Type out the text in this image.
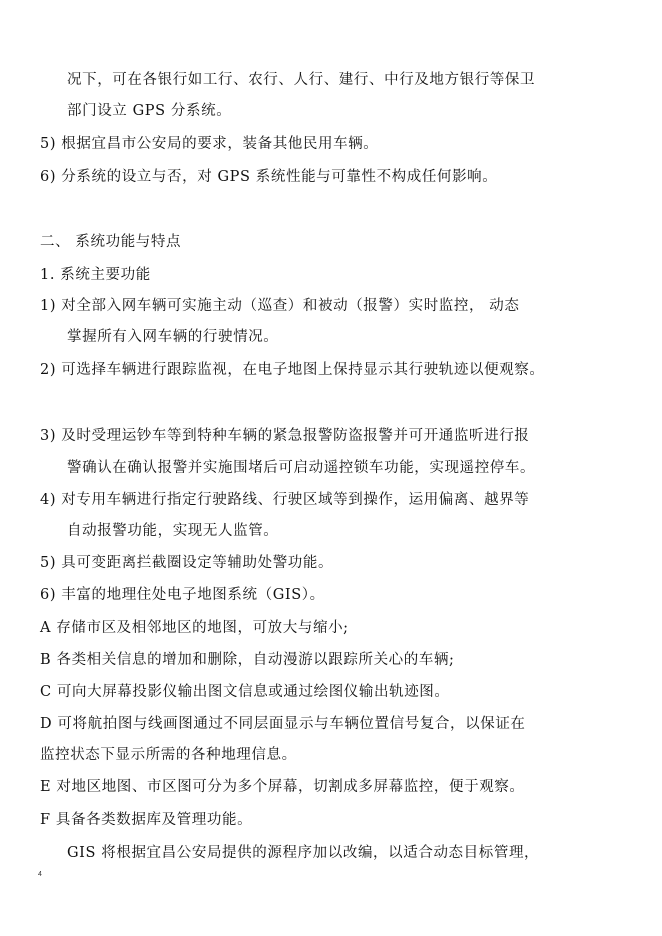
况下，可在各银行如工行、农行、人行、建行、中行及地方银行等保卫
部门设立 GPS 分系统。
5) 根据宜昌市公安局的要求，装备其他民用车辆。
6) 分系统的设立与否，对 GPS 系统性能与可靠性不构成任何影响。
二、 系统功能与特点
1. 系统主要功能
1) 对全部入网车辆可实施主动（巡查）和被动（报警）实时监控， 动态
掌握所有入网车辆的行驶情况。
2) 可选择车辆进行跟踪监视，在电子地图上保持显示其行驶轨迹以便观察。
3) 及时受理运钞车等到特种车辆的紧急报警防盗报警并可开通监听进行报
警确认在确认报警并实施围堵后可启动遥控锁车功能，实现遥控停车。
4) 对专用车辆进行指定行驶路线、行驶区域等到操作，运用偏离、越界等
自动报警功能，实现无人监管。
5) 具可变距离拦截圈设定等辅助处警功能。
6) 丰富的地理住处电子地图系统（GIS）。
A 存储市区及相邻地区的地图，可放大与缩小;
B 各类相关信息的增加和删除，自动漫游以跟踪所关心的车辆;
C 可向大屏幕投影仪输出图文信息或通过绘图仪输出轨迹图。
D 可将航拍图与线画图通过不同层面显示与车辆位置信号复合，以保证在
监控状态下显示所需的各种地理信息。
E 对地区地图、市区图可分为多个屏幕，切割成多屏幕监控，便于观察。
F 具备各类数据库及管理功能。
GIS 将根据宜昌公安局提供的源程序加以改编，以适合动态目标管理，
4
